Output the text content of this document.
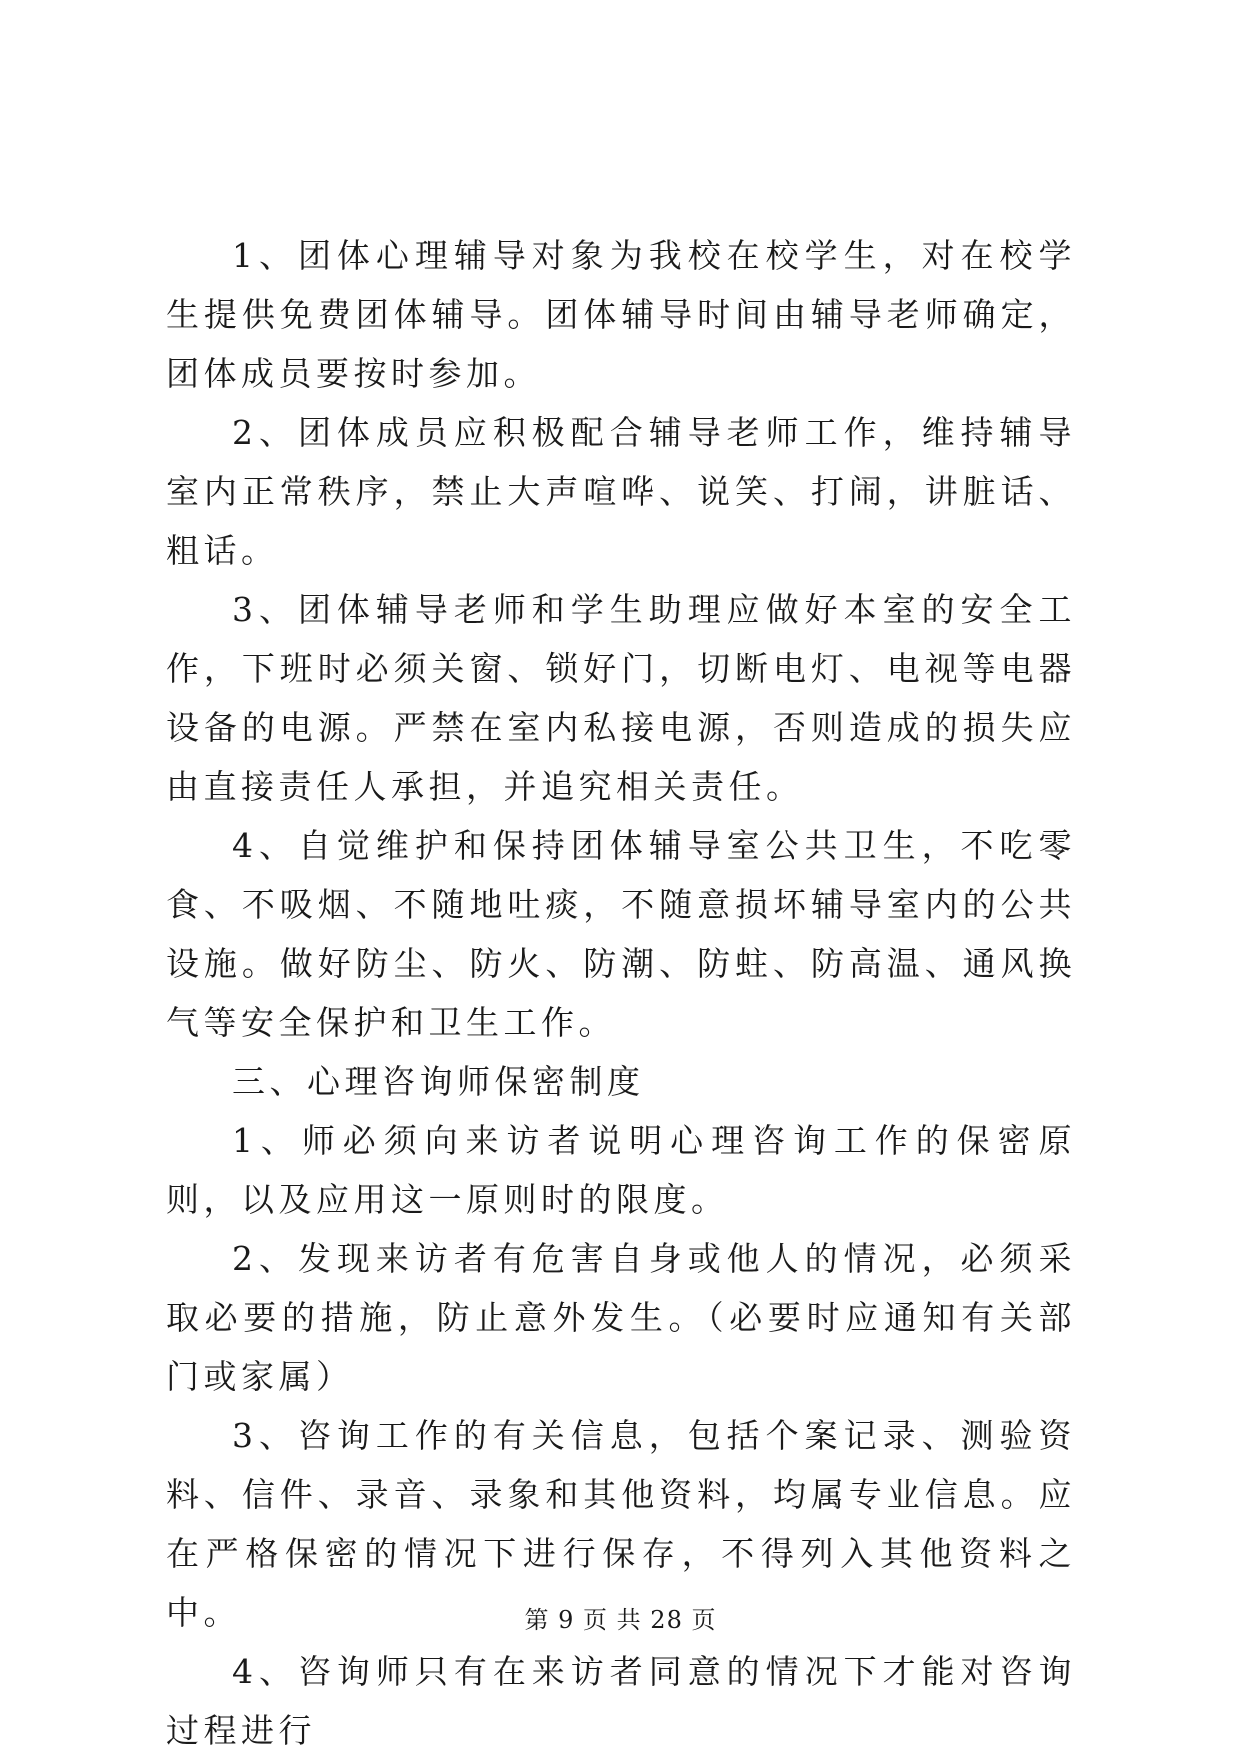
1、团体心理辅导对象为我校在校学生，对在校学生提供免费团体辅导。团体辅导时间由辅导老师确定，团体成员要按时参加。

2、团体成员应积极配合辅导老师工作，维持辅导室内正常秩序，禁止大声喧哗、说笑、打闹，讲脏话、粗话。

3、团体辅导老师和学生助理应做好本室的安全工作，下班时必须关窗、锁好门，切断电灯、电视等电器设备的电源。严禁在室内私接电源，否则造成的损失应由直接责任人承担，并追究相关责任。

4、自觉维护和保持团体辅导室公共卫生，不吃零食、不吸烟、不随地吐痰，不随意损坏辅导室内的公共设施。做好防尘、防火、防潮、防蛀、防高温、通风换气等安全保护和卫生工作。

三、心理咨询师保密制度

1、师必须向来访者说明心理咨询工作的保密原则，以及应用这一原则时的限度。

2、发现来访者有危害自身或他人的情况，必须采取必要的措施，防止意外发生。（必要时应通知有关部门或家属）

3、咨询工作的有关信息，包括个案记录、测验资料、信件、录音、录象和其他资料，均属专业信息。应在严格保密的情况下进行保存，不得列入其他资料之中。

4、咨询师只有在来访者同意的情况下才能对咨询过程进行

第 9 页 共 28 页
